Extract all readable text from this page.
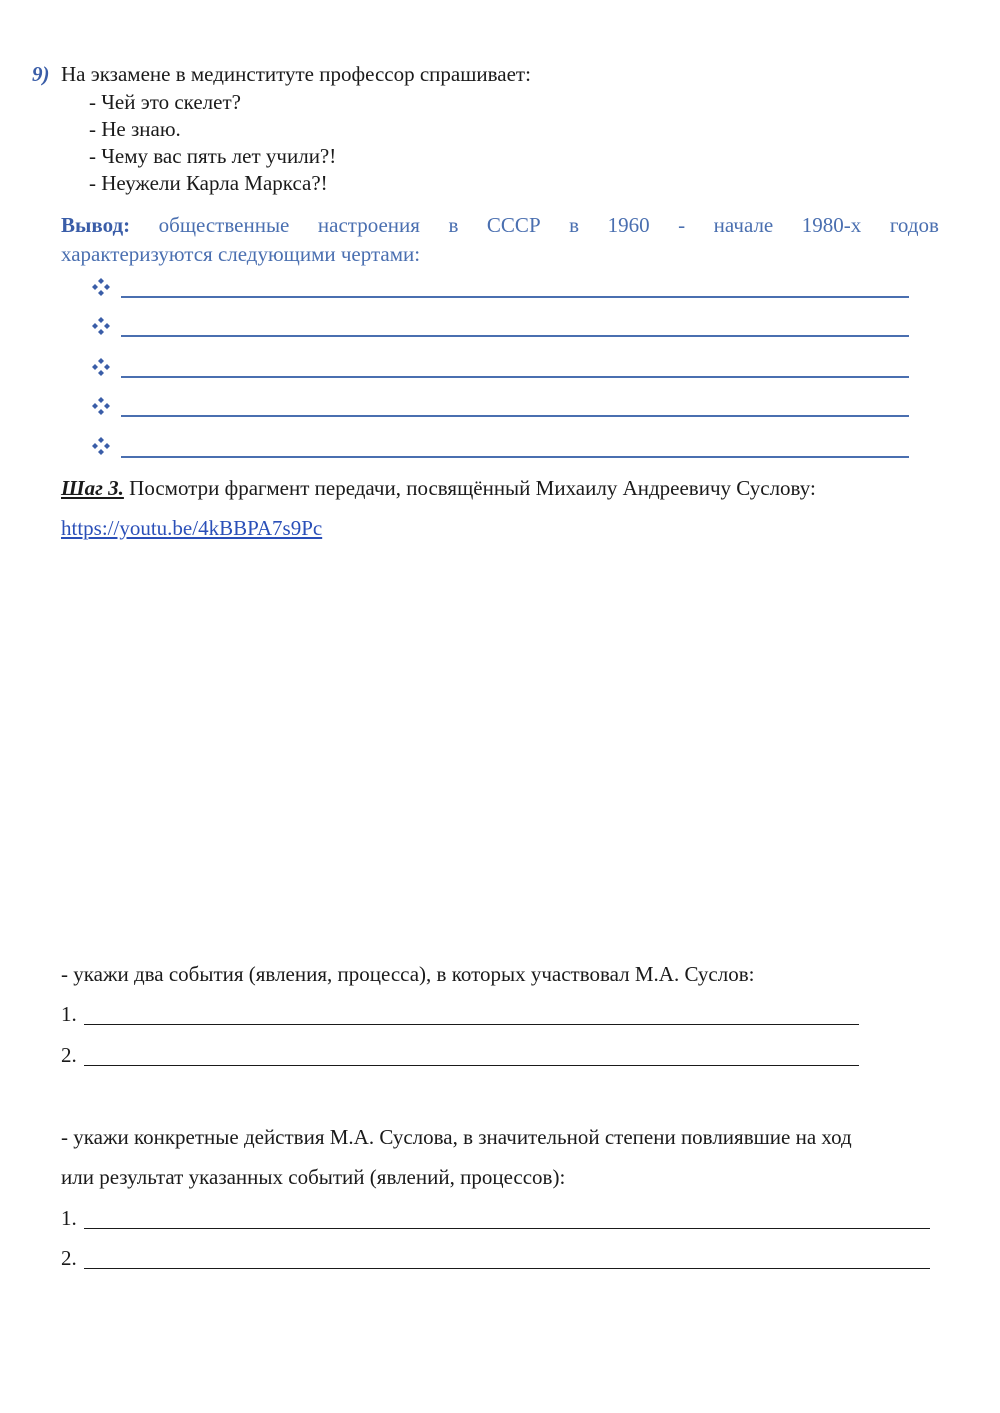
9) На экзамене в мединституте профессор спрашивает:
- Чей это скелет?
- Не знаю.
- Чему вас пять лет учили?!
- Неужели Карла Маркса?!
Вывод: общественные настроения в СССР в 1960 - начале 1980-х годов
характеризуются следующими чертами:
Шаг 3. Посмотри фрагмент передачи, посвящённый Михаилу Андреевичу Суслову:
https://youtu.be/4kBBPA7s9Pc
- укажи два события (явления, процесса), в которых участвовал М.А. Суслов:
1.
2.
- укажи конкретные действия М.А. Суслова, в значительной степени повлиявшие на ход
или результат указанных событий (явлений, процессов):
1.
2.
